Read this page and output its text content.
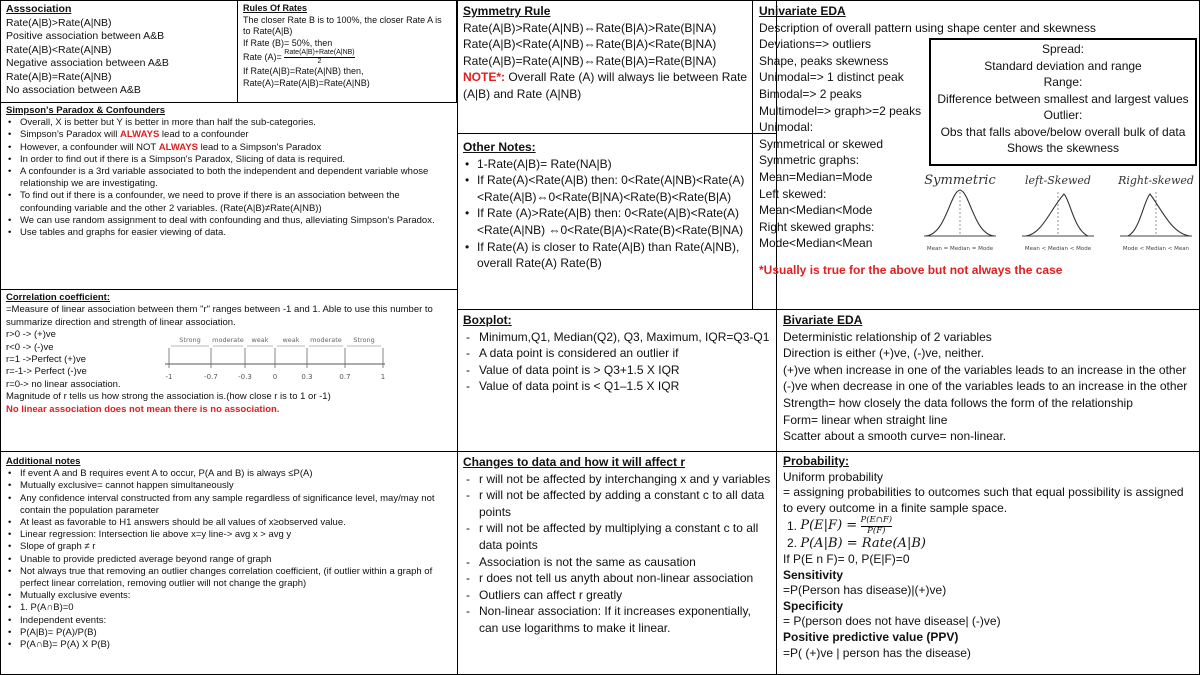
Asssociation
Rate(A|B)>Rate(A|NB)
Positive association between A&B
Rate(A|B)<Rate(A|NB)
Negative association between A&B
Rate(A|B)=Rate(A|NB)
No association between A&B
Rules Of Rates
The closer Rate B is to 100%, the closer Rate A is
to Rate(A|B)
If Rate (B)= 50%, then
Rate $(A)= \frac{\text{Rate(A|B)+Rate(A|NB)}}{2}$
If Rate(A|B)=Rate(A|NB) then,
Rate(A)=Rate(A|B)=Rate(A|NB)
Simpson's Paradox & Confounders
• Overall, X is better but Y is better in more than half the sub-categories.
• Simpson's Paradox will ALWAYS lead to a confounder
• However, a confounder will NOT ALWAYS lead to a Simpson's Paradox
• In order to find out if there is a Simpson's Paradox, Slicing of data is required.
• A confounder is a 3rd variable associated to both the independent and dependent variable whose relationship we are investigating.
• To find out if there is a confounder, we need to prove if there is an association between the confounding variable and the other 2 variables. (Rate(A|B)≠Rate(A|NB))
• We can use random assignment to deal with confounding and thus, alleviating Simpson's Paradox.
• Use tables and graphs for easier viewing of data.
Correlation coefficient:
=Measure of linear association between them "r" ranges between -1 and 1. Able to use this number to summarize direction and strength of linear association.
r>0 -> (+)ve
r<0 -> (-)ve
r=1 ->Perfect (+)ve
r=-1-> Perfect (-)ve
r=0-> no linear association.
Magnitude of r tells us how strong the association is.(how close r is to 1 or -1)
No linear association does not mean there is no association.
-1	-0.7	-0.3	0	0.3	0.7	1
Strong moderate weak weak moderate Strong
Additional notes
• If event A and B requires event A to occur, P(A and B) is always ≤P(A)
• Mutually exclusive= cannot happen simultaneously
• Any confidence interval constructed from any sample regardless of significance level, may/may not contain the population parameter
• At least as favorable to H1 answers should be all values of x≥observed value.
• Linear regression: Intersection lie above x=y line-> avg x > avg y
• Slope of graph ≠ r
• Unable to provide predicted average beyond range of graph
• Not always true that removing an outlier changes correlation coefficient, (if outlier within a graph of perfect linear correlation, removing outlier will not change the graph)
• Mutually exclusive events:
• 1. P(A∩B)=0
• Independent events:
• P(A|B)= P(A)/P(B)
• P(A∩B)= P(A) X P(B)
Symmetry Rule
Rate(A|B)>Rate(A|NB)⇔Rate(B|A)>Rate(B|NA)
Rate(A|B)<Rate(A|NB)⇔Rate(B|A)<Rate(B|NA)
Rate(A|B)=Rate(A|NB)⇔Rate(B|A)=Rate(B|NA)
NOTE*: Overall Rate (A) will always lie between Rate (A|B) and Rate (A|NB)
Other Notes:
• 1-Rate(A|B)= Rate(NA|B)
• If Rate(A)<Rate(A|B) then: 0<Rate(A|NB)<Rate(A)<Rate(A|B)⇔0<Rate(B|NA)<Rate(B)<Rate(B|A)
• If Rate (A)>Rate(A|B) then: 0<Rate(A|B)<Rate(A)<Rate(A|NB) ⇔0<Rate(B|A)<Rate(B)<Rate(B|NA)
• If Rate(A) is closer to Rate(A|B) than Rate(A|NB), overall Rate(A) Rate(B)
Boxplot:
- Minimum,Q1, Median(Q2), Q3, Maximum, IQR=Q3-Q1
- A data point is considered an outlier if
- Value of data point is > Q3+1.5 X IQR
- Value of data point is < Q1–1.5 X IQR
Changes to data and how it will affect r
- r will not be affected by interchanging x and y variables
- r will not be affected by adding a constant c to all data points
- r will not be affected by multiplying a constant c to all data points
- Association is not the same as causation
- r does not tell us anyth about non-linear association
- Outliers can affect r greatly
- Non-linear association: If it increases exponentially, can use logarithms to make it linear.
Univariate EDA
Description of overall pattern using shape center and skewness
Deviations=> outliers
Shape, peaks skewness
Unimodal=> 1 distinct peak
Bimodal=> 2 peaks
Multimodel=> graph>=2 peaks
Unimodal:
Symmetrical or skewed
Symmetric graphs:
Mean=Median=Mode
Left skewed:
Mean<Median<Mode
Right skewed graphs:
Mode<Median<Mean
*Usually is true for the above but not always the case
Spread:
Standard deviation and range
Range:
Difference between smallest and largest values
Outlier:
Obs that falls above/below overall bulk of data
Shows the skewness
Symmetric
Mean = Median = Mode
left-Skewed
Mean < Median < Mode
Right-skewed
Mode < Median < Mean
Bivariate EDA
Deterministic relationship of 2 variables
Direction is either (+)ve, (-)ve, neither.
(+)ve when increase in one of the variables leads to an increase in the other
(-)ve when decrease in one of the variables leads to an increase in the other
Strength= how closely the data follows the form of the relationship
Form= linear when straight line
Scatter about a smooth curve= non-linear.
Probability:
Uniform probability
= assigning probabilities to outcomes such that equal possibility is assigned to every outcome in a finite sample space.
1. $P(E|F) = \frac{P(E\cap F)}{P(F)}$
2. P(A|B) = Rate(A|B)
If P(E n F)= 0, P(E|F)=0
Sensitivity
=P(Person has disease)|(+)ve)
Specificity
= P(person does not have disease| (-)ve)
Positive predictive value (PPV)
=P( (+)ve | person has the disease)
